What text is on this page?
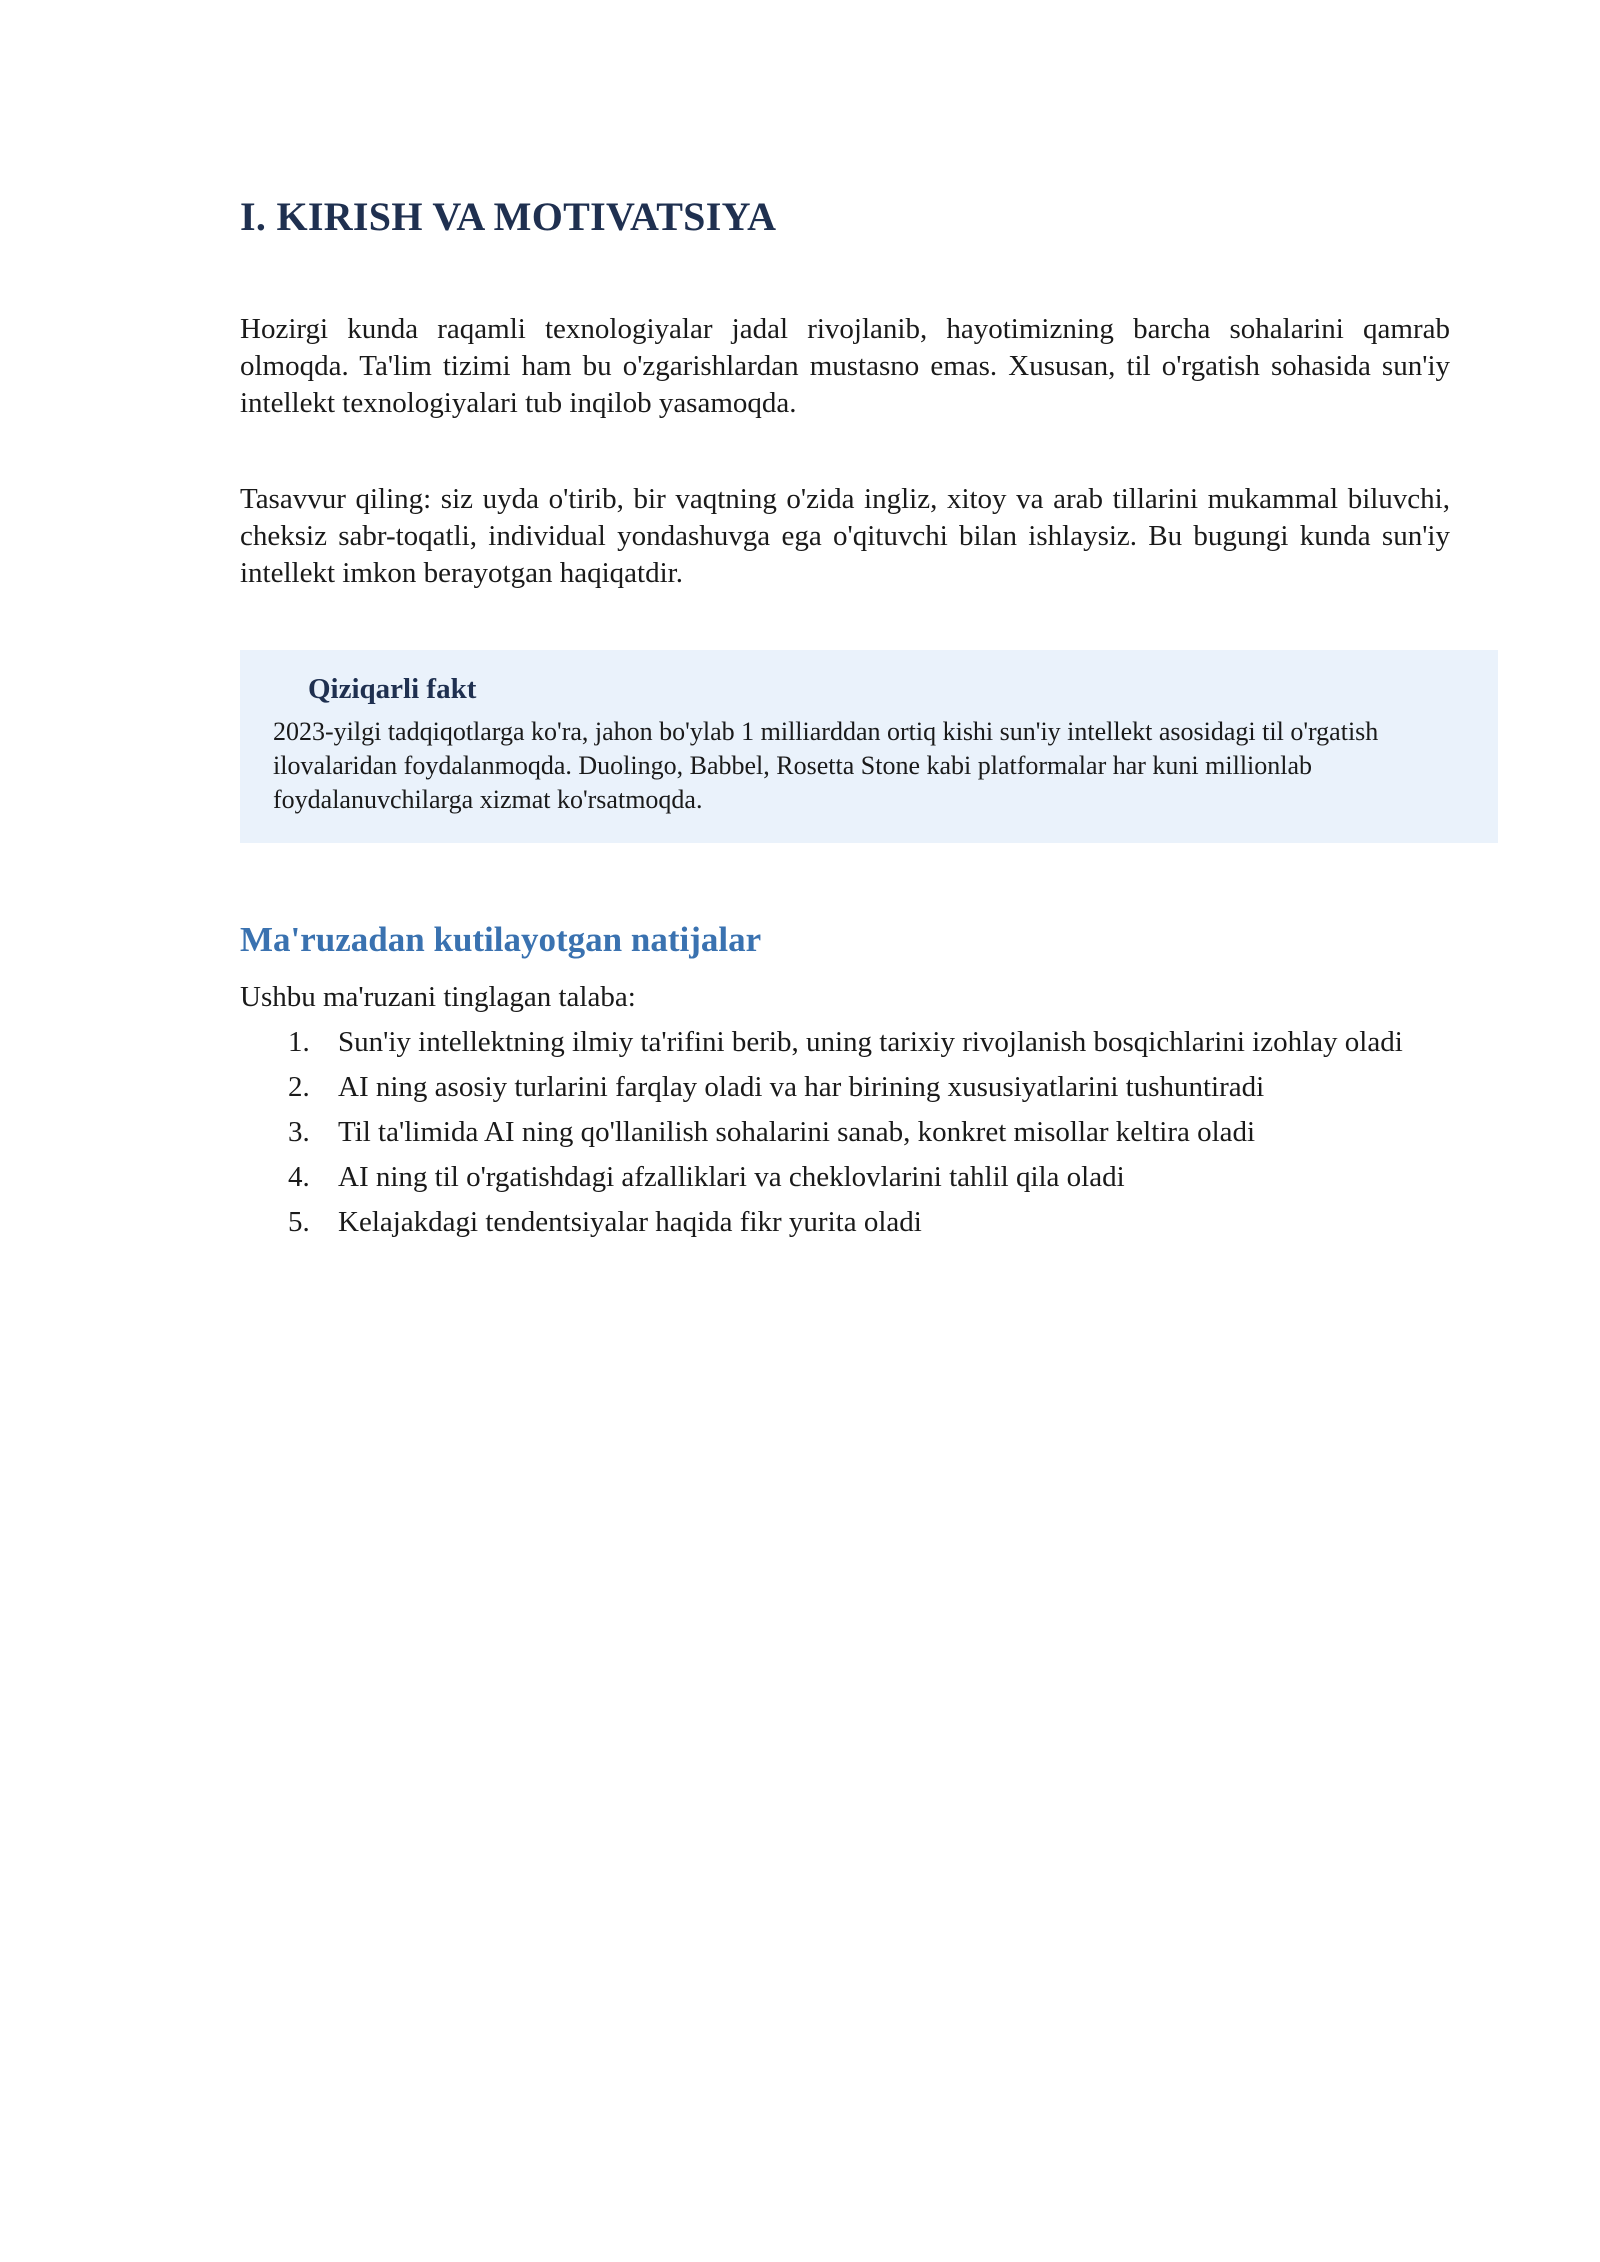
I. KIRISH VA MOTIVATSIYA

Hozirgi kunda raqamli texnologiyalar jadal rivojlanib, hayotimizning barcha sohalarini qamrab olmoqda. Ta'lim tizimi ham bu o'zgarishlardan mustasno emas. Xususan, til o'rgatish sohasida sun'iy intellekt texnologiyalari tub inqilob yasamoqda.

Tasavvur qiling: siz uyda o'tirib, bir vaqtning o'zida ingliz, xitoy va arab tillarini mukammal biluvchi, cheksiz sabr-toqatli, individual yondashuvga ega o'qituvchi bilan ishlaysiz. Bu bugungi kunda sun'iy intellekt imkon berayotgan haqiqatdir.

Qiziqarli fakt

2023-yilgi tadqiqotlarga ko'ra, jahon bo'ylab 1 milliarddan ortiq kishi sun'iy intellekt asosidagi til o'rgatish ilovalaridan foydalanmoqda. Duolingo, Babbel, Rosetta Stone kabi platformalar har kuni millionlab foydalanuvchilarga xizmat ko'rsatmoqda.

Ma'ruzadan kutilayotgan natijalar

Ushbu ma'ruzani tinglagan talaba:

1. Sun'iy intellektning ilmiy ta'rifini berib, uning tarixiy rivojlanish bosqichlarini izohlay oladi
2. AI ning asosiy turlarini farqlay oladi va har birining xususiyatlarini tushuntiradi
3. Til ta'limida AI ning qo'llanilish sohalarini sanab, konkret misollar keltira oladi
4. AI ning til o'rgatishdagi afzalliklari va cheklovlarini tahlil qila oladi
5. Kelajakdagi tendentsiyalar haqida fikr yurita oladi
